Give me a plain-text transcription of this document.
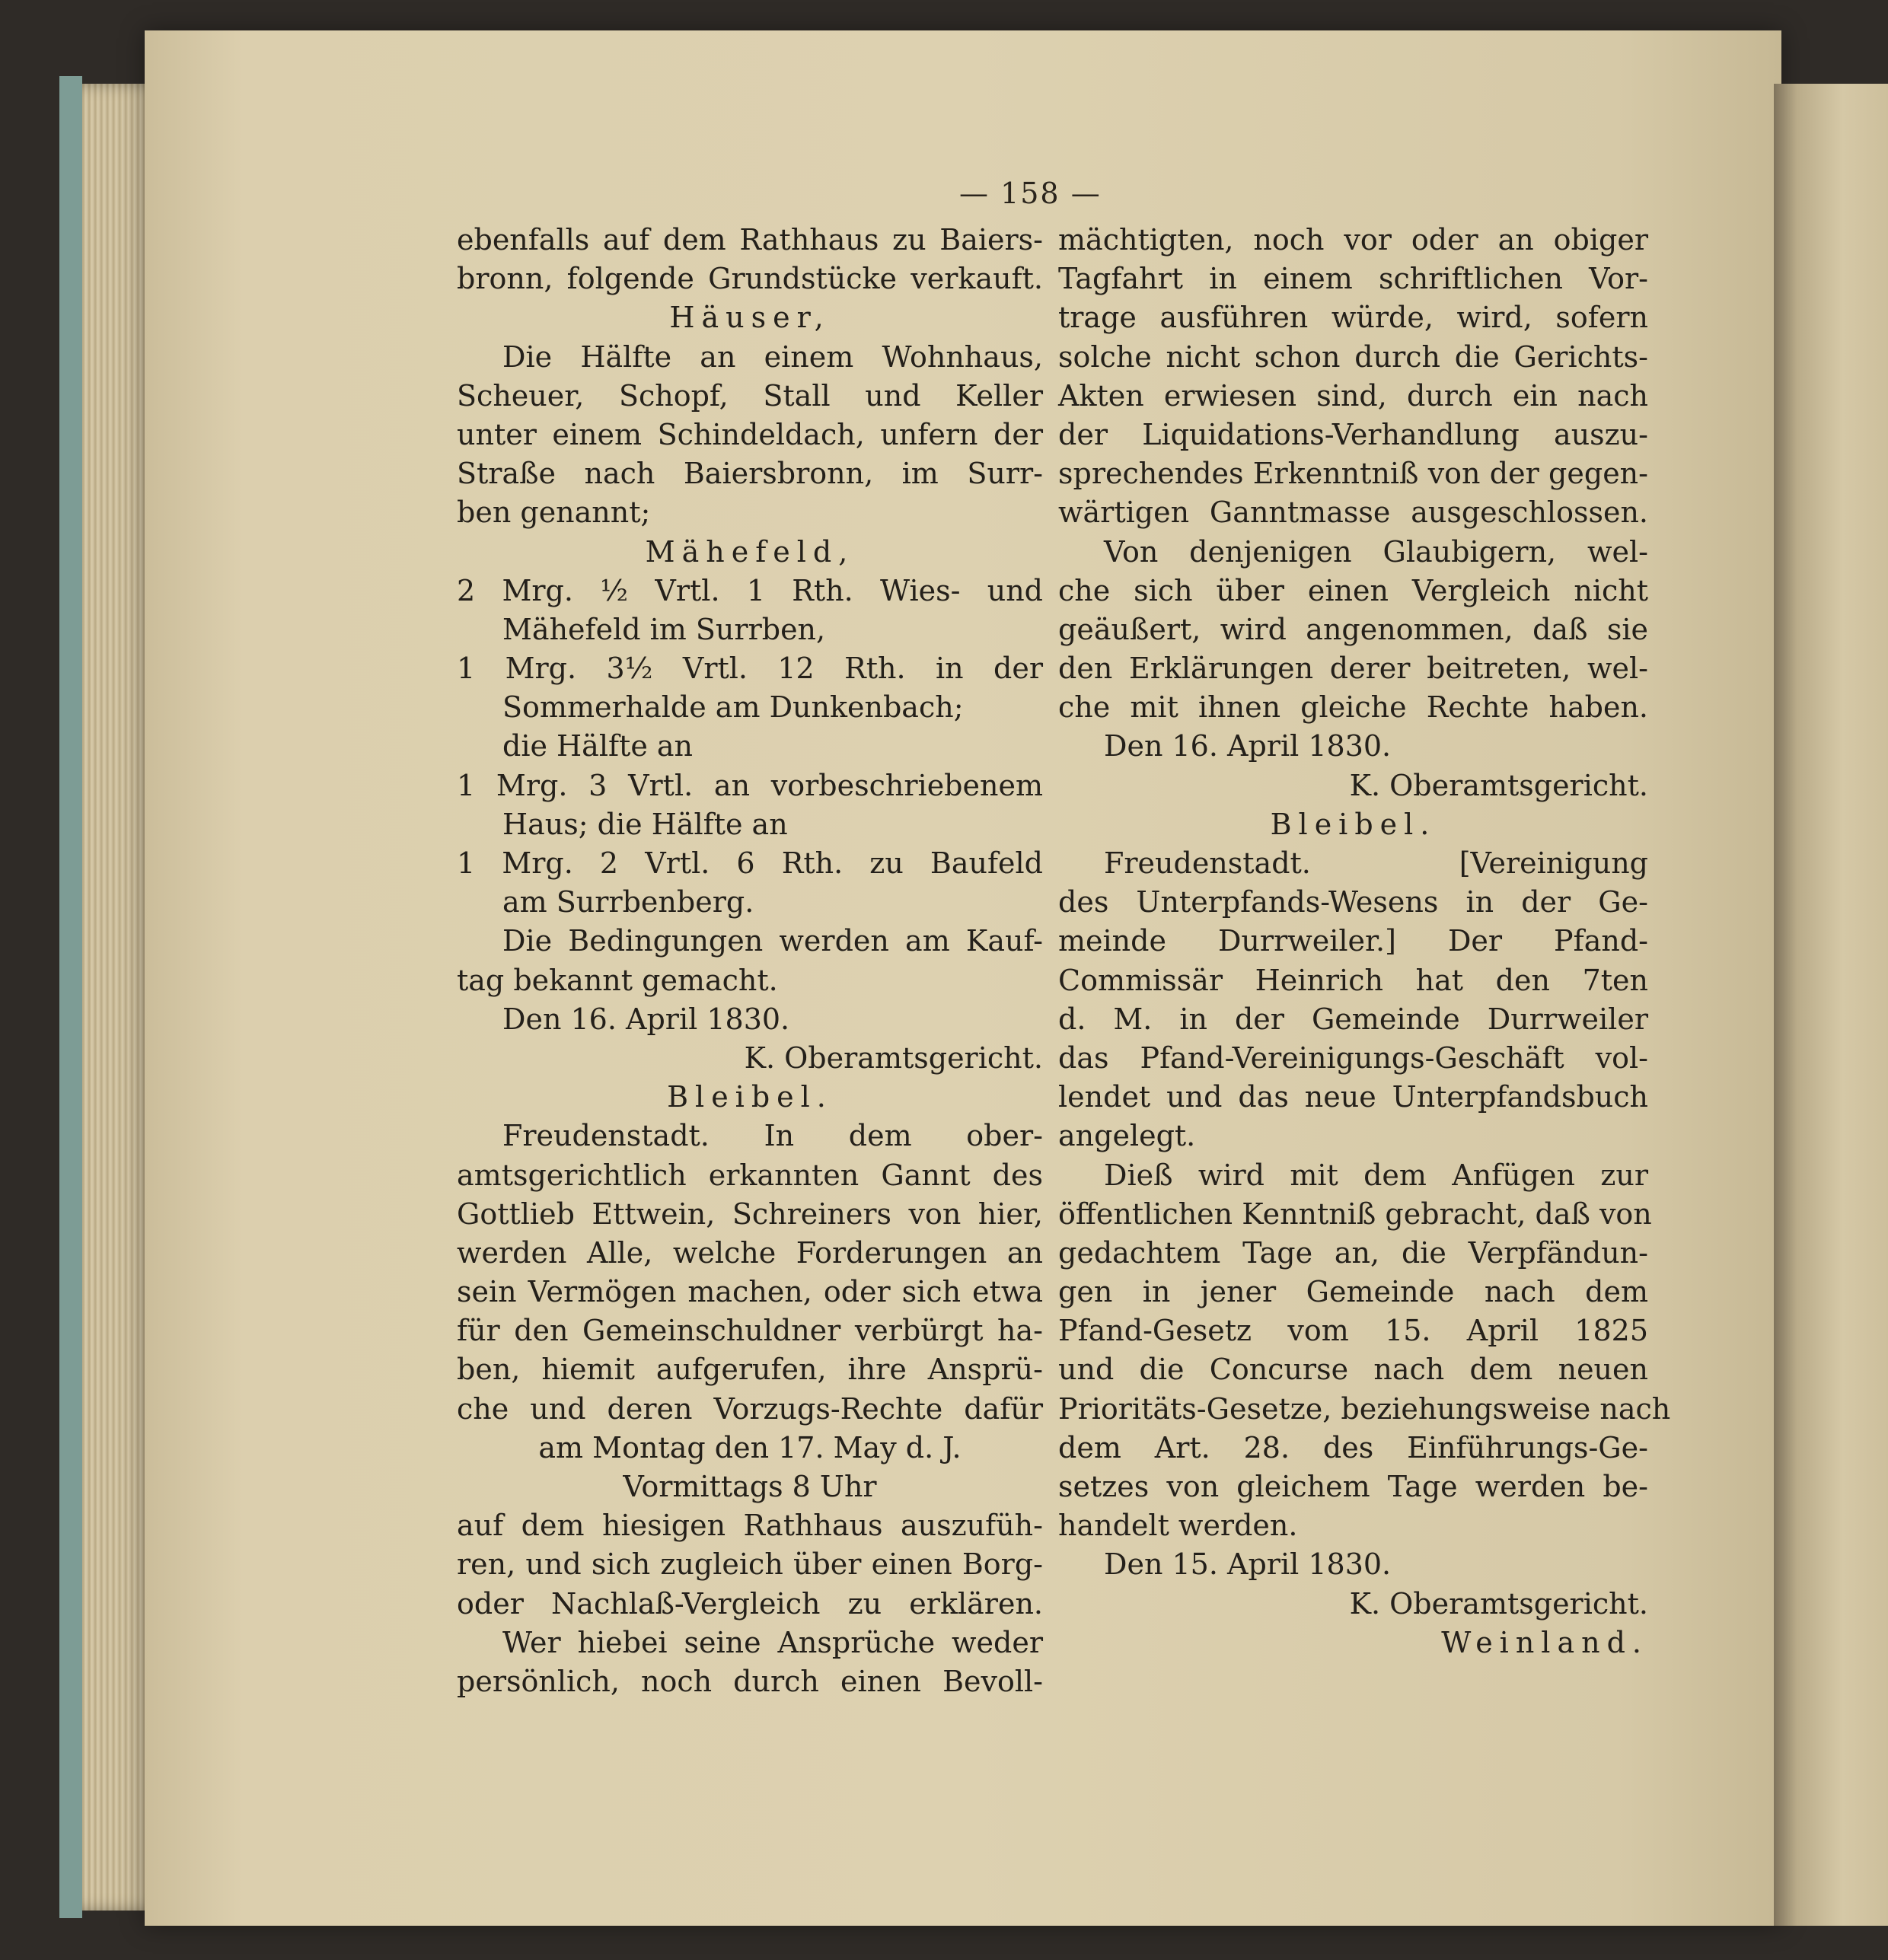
— 158 —
ebenfalls auf dem Rathhaus zu Baiers-
bronn, folgende Grundstücke verkauft.
Häuser,
Die Hälfte an einem Wohnhaus,
Scheuer, Schopf, Stall und Keller
unter einem Schindeldach, unfern der
Straße nach Baiersbronn, im Surr-
ben genannt;
Mähefeld,
2 Mrg. ½ Vrtl. 1 Rth. Wies- und
Mähefeld im Surrben,
1 Mrg. 3½ Vrtl. 12 Rth. in der
Sommerhalde am Dunkenbach;
die Hälfte an
1 Mrg. 3 Vrtl. an vorbeschriebenem
Haus; die Hälfte an
1 Mrg. 2 Vrtl. 6 Rth. zu Baufeld
am Surrbenberg.
Die Bedingungen werden am Kauf-
tag bekannt gemacht.
Den 16. April 1830.
K. Oberamtsgericht.
Bleibel.
Freudenstadt. In dem ober-
amtsgerichtlich erkannten Gannt des
Gottlieb Ettwein, Schreiners von hier,
werden Alle, welche Forderungen an
sein Vermögen machen, oder sich etwa
für den Gemeinschuldner verbürgt ha-
ben, hiemit aufgerufen, ihre Ansprü-
che und deren Vorzugs-Rechte dafür
am Montag den 17. May d. J.
Vormittags 8 Uhr
auf dem hiesigen Rathhaus auszufüh-
ren, und sich zugleich über einen Borg-
oder Nachlaß-Vergleich zu erklären.
Wer hiebei seine Ansprüche weder
persönlich, noch durch einen Bevoll-
mächtigten, noch vor oder an obiger
Tagfahrt in einem schriftlichen Vor-
trage ausführen würde, wird, sofern
solche nicht schon durch die Gerichts-
Akten erwiesen sind, durch ein nach
der Liquidations-Verhandlung auszu-
sprechendes Erkenntniß von der gegen-
wärtigen Ganntmasse ausgeschlossen.
Von denjenigen Glaubigern, wel-
che sich über einen Vergleich nicht
geäußert, wird angenommen, daß sie
den Erklärungen derer beitreten, wel-
che mit ihnen gleiche Rechte haben.
Den 16. April 1830.
K. Oberamtsgericht.
Bleibel.
Freudenstadt. [Vereinigung
des Unterpfands-Wesens in der Ge-
meinde Durrweiler.] Der Pfand-
Commissär Heinrich hat den 7ten
d. M. in der Gemeinde Durrweiler
das Pfand-Vereinigungs-Geschäft vol-
lendet und das neue Unterpfandsbuch
angelegt.
Dieß wird mit dem Anfügen zur
öffentlichen Kenntniß gebracht, daß von
gedachtem Tage an, die Verpfändun-
gen in jener Gemeinde nach dem
Pfand-Gesetz vom 15. April 1825
und die Concurse nach dem neuen
Prioritäts-Gesetze, beziehungsweise nach
dem Art. 28. des Einführungs-Ge-
setzes von gleichem Tage werden be-
handelt werden.
Den 15. April 1830.
K. Oberamtsgericht.
Weinland.
